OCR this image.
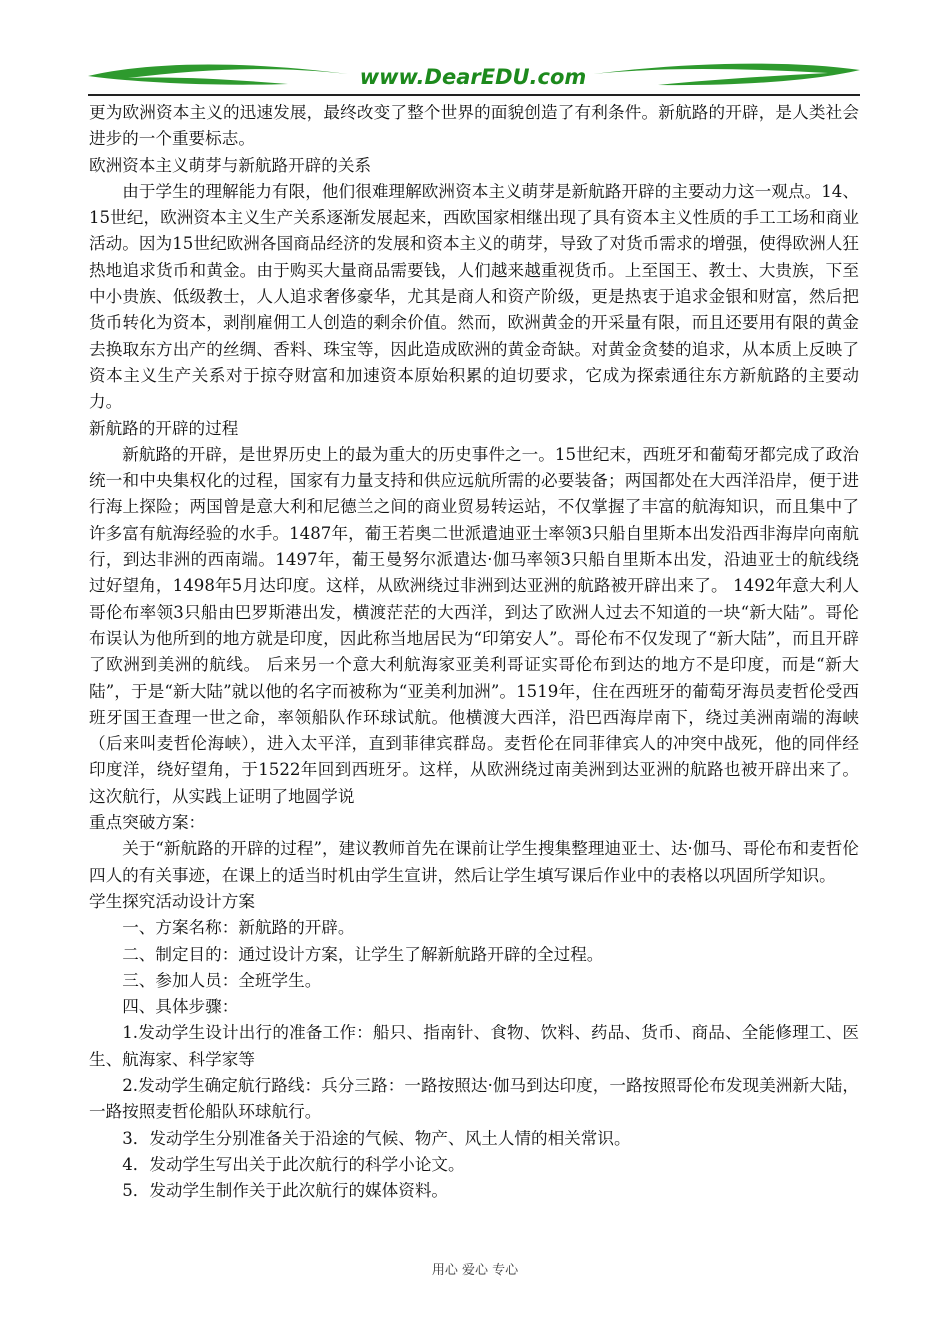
www.DearEDU.com

更为欧洲资本主义的迅速发展，最终改变了整个世界的面貌创造了有利条件。新航路的开辟，是人类社会进步的一个重要标志。

欧洲资本主义萌芽与新航路开辟的关系

由于学生的理解能力有限，他们很难理解欧洲资本主义萌芽是新航路开辟的主要动力这一观点。14、15世纪，欧洲资本主义生产关系逐渐发展起来，西欧国家相继出现了具有资本主义性质的手工工场和商业活动。因为15世纪欧洲各国商品经济的发展和资本主义的萌芽，导致了对货币需求的增强，使得欧洲人狂热地追求货币和黄金。由于购买大量商品需要钱，人们越来越重视货币。上至国王、教士、大贵族，下至中小贵族、低级教士，人人追求奢侈豪华，尤其是商人和资产阶级，更是热衷于追求金银和财富，然后把货币转化为资本，剥削雇佣工人创造的剩余价值。然而，欧洲黄金的开采量有限，而且还要用有限的黄金去换取东方出产的丝绸、香料、珠宝等，因此造成欧洲的黄金奇缺。对黄金贪婪的追求，从本质上反映了资本主义生产关系对于掠夺财富和加速资本原始积累的迫切要求，它成为探索通往东方新航路的主要动力。

新航路的开辟的过程

新航路的开辟，是世界历史上的最为重大的历史事件之一。15世纪末，西班牙和葡萄牙都完成了政治统一和中央集权化的过程，国家有力量支持和供应远航所需的必要装备；两国都处在大西洋沿岸，便于进行海上探险；两国曾是意大利和尼德兰之间的商业贸易转运站，不仅掌握了丰富的航海知识，而且集中了许多富有航海经验的水手。1487年，葡王若奥二世派遣迪亚士率领3只船自里斯本出发沿西非海岸向南航行，到达非洲的西南端。1497年，葡王曼努尔派遣达·伽马率领3只船自里斯本出发，沿迪亚士的航线绕过好望角，1498年5月达印度。这样，从欧洲绕过非洲到达亚洲的航路被开辟出来了。 1492年意大利人哥伦布率领3只船由巴罗斯港出发，横渡茫茫的大西洋，到达了欧洲人过去不知道的一块“新大陆”。哥伦布误认为他所到的地方就是印度，因此称当地居民为“印第安人”。哥伦布不仅发现了“新大陆”，而且开辟了欧洲到美洲的航线。 后来另一个意大利航海家亚美利哥证实哥伦布到达的地方不是印度，而是“新大陆”，于是“新大陆”就以他的名字而被称为“亚美利加洲”。1519年，住在西班牙的葡萄牙海员麦哲伦受西班牙国王查理一世之命，率领船队作环球试航。他横渡大西洋，沿巴西海岸南下，绕过美洲南端的海峡（后来叫麦哲伦海峡），进入太平洋，直到菲律宾群岛。麦哲伦在同菲律宾人的冲突中战死，他的同伴经印度洋，绕好望角，于1522年回到西班牙。这样，从欧洲绕过南美洲到达亚洲的航路也被开辟出来了。这次航行，从实践上证明了地圆学说

重点突破方案：

关于“新航路的开辟的过程”，建议教师首先在课前让学生搜集整理迪亚士、达·伽马、哥伦布和麦哲伦四人的有关事迹，在课上的适当时机由学生宣讲，然后让学生填写课后作业中的表格以巩固所学知识。

学生探究活动设计方案

一、方案名称：新航路的开辟。

二、制定目的：通过设计方案，让学生了解新航路开辟的全过程。

三、参加人员：全班学生。

四、具体步骤：

1.发动学生设计出行的准备工作：船只、指南针、食物、饮料、药品、货币、商品、全能修理工、医生、航海家、科学家等

2.发动学生确定航行路线：兵分三路：一路按照达·伽马到达印度，一路按照哥伦布发现美洲新大陆，一路按照麦哲伦船队环球航行。

3．发动学生分别准备关于沿途的气候、物产、风土人情的相关常识。

4．发动学生写出关于此次航行的科学小论文。

5．发动学生制作关于此次航行的媒体资料。

用心 爱心 专心
